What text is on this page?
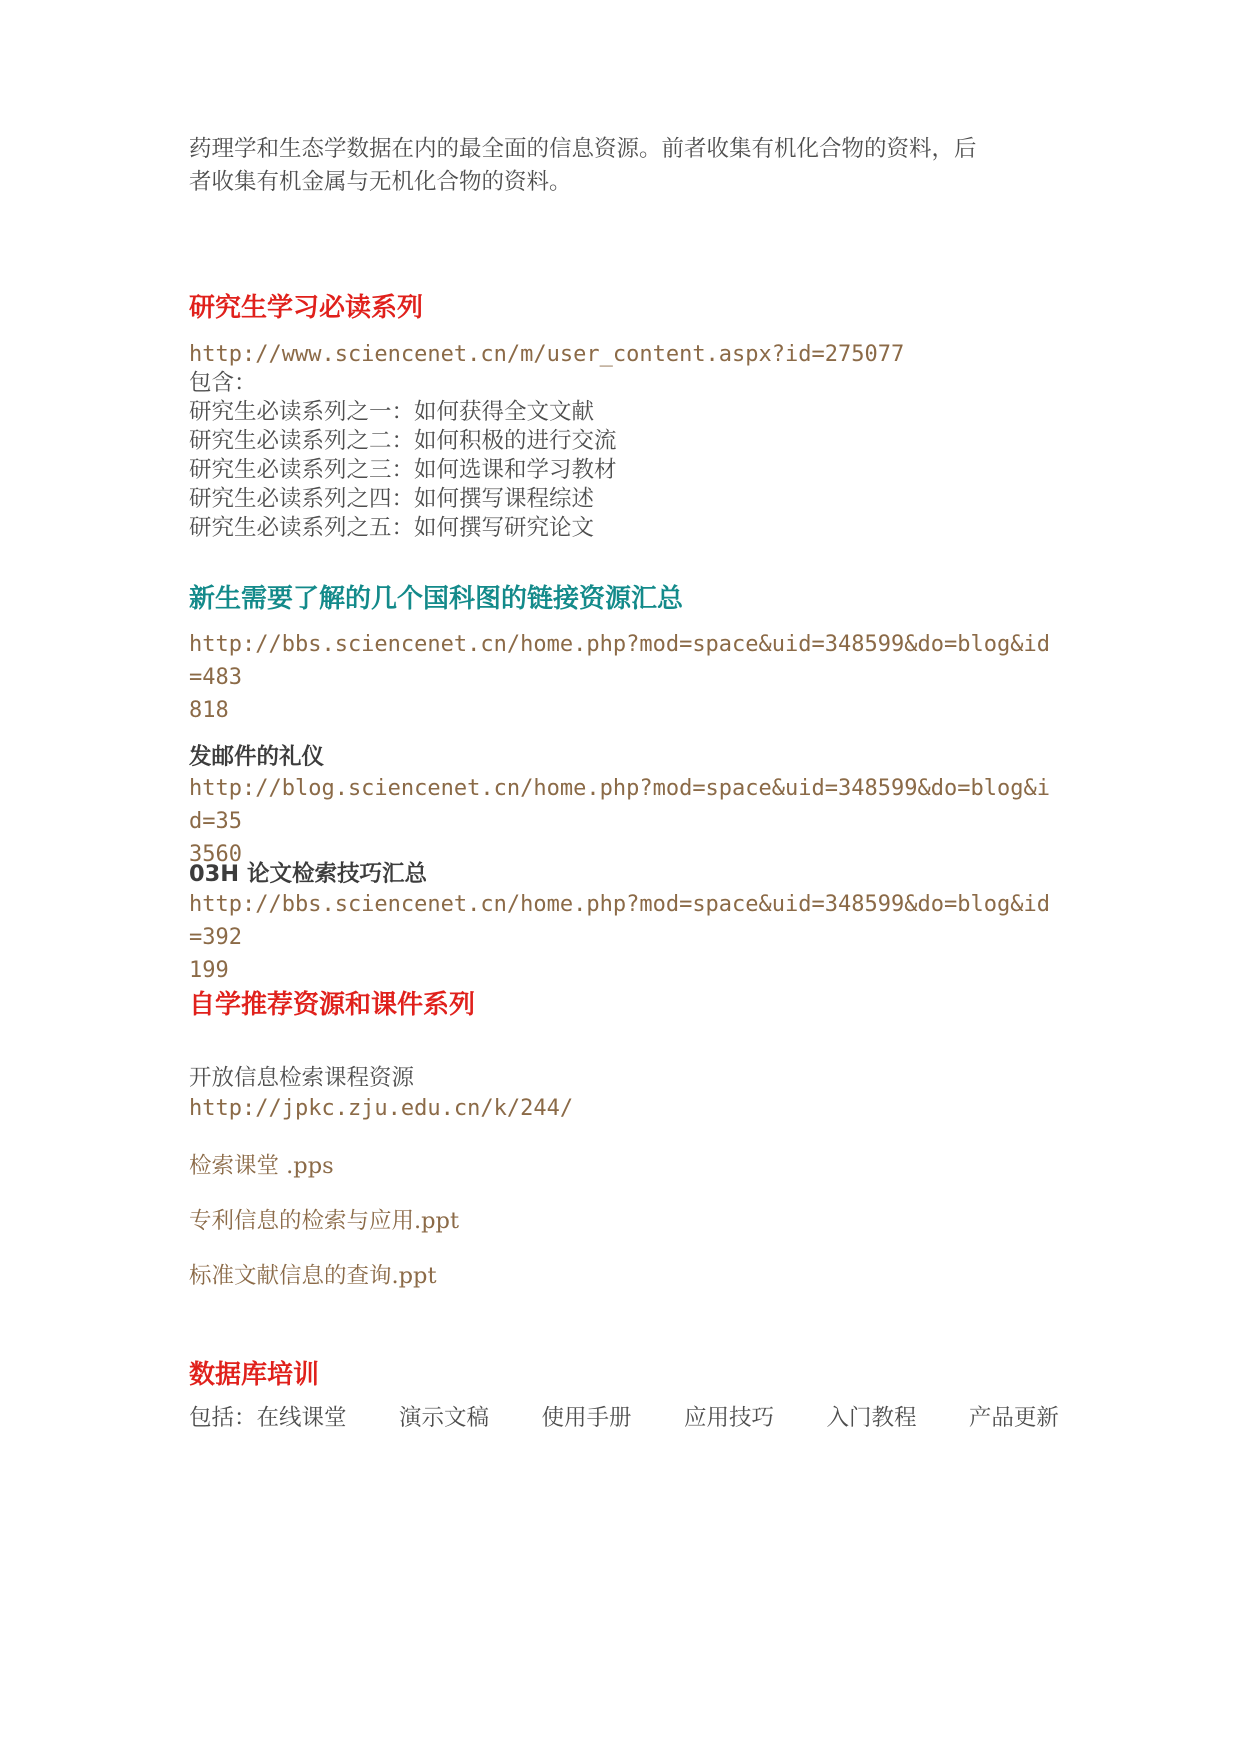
药理学和生态学数据在内的最全面的信息资源。前者收集有机化合物的资料，后
者收集有机金属与无机化合物的资料。
研究生学习必读系列
http://www.sciencenet.cn/m/user_content.aspx?id=275077
包含：
研究生必读系列之一：如何获得全文文献
研究生必读系列之二：如何积极的进行交流
研究生必读系列之三：如何选课和学习教材
研究生必读系列之四：如何撰写课程综述
研究生必读系列之五：如何撰写研究论文
新生需要了解的几个国科图的链接资源汇总
http://bbs.sciencenet.cn/home.php?mod=space&uid=348599&do=blog&id=483
818
发邮件的礼仪
http://blog.sciencenet.cn/home.php?mod=space&uid=348599&do=blog&id=35
3560
03H 论文检索技巧汇总
http://bbs.sciencenet.cn/home.php?mod=space&uid=348599&do=blog&id=392
199
自学推荐资源和课件系列
开放信息检索课程资源
http://jpkc.zju.edu.cn/k/244/
检索课堂 .pps
专利信息的检索与应用.ppt
标准文献信息的查询.ppt
数据库培训
包括：在线课堂 演示文稿 使用手册 应用技巧 入门教程 产品更新
